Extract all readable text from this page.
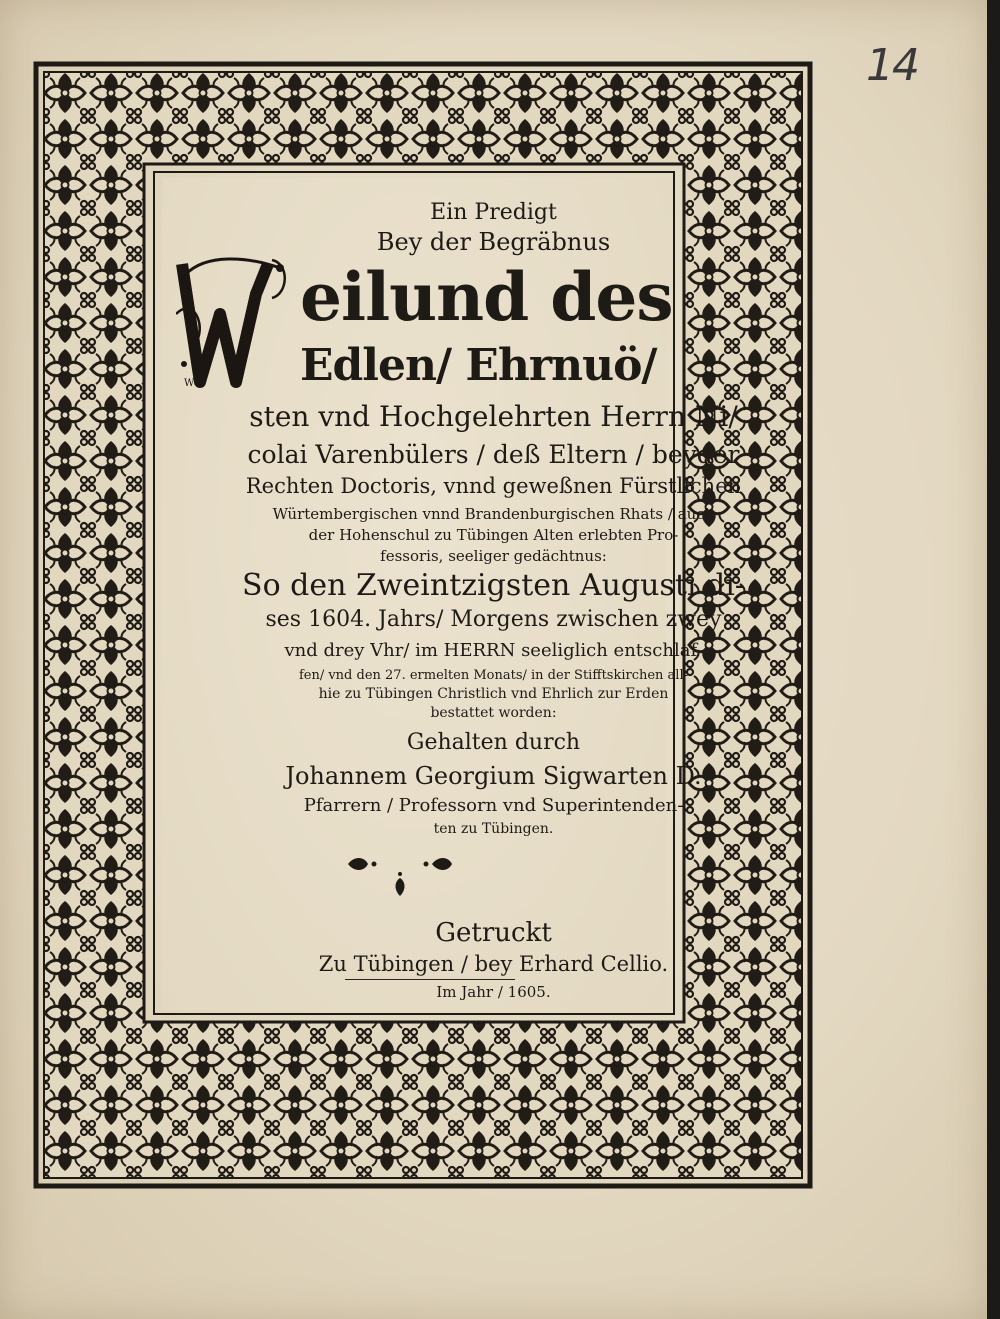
Ein Predigt
Bey der Begräbnus
W
eilund des
Edlen/ Ehrnuö/
sten vnd Hochgelehrten Herrn Ni/
colai Varenbülers / deß Eltern / beyder
Rechten Doctoris, vnnd geweßnen Fürstlichen
Würtembergischen vnnd Brandenburgischen Rhats / auch
der Hohenschul zu Tübingen Alten erlebten Pro-
fessoris, seeliger gedächtnus:
So den Zweintzigsten Augusti di-
ses 1604. Jahrs/ Morgens zwischen zwey
vnd drey Vhr/ im HERRN seeliglich entschlaf-
fen/ vnd den 27. ermelten Monats/ in der Stifftskirchen all-
hie zu Tübingen Christlich vnd Ehrlich zur Erden
bestattet worden:
Gehalten durch
Johannem Georgium Sigwarten D.
Pfarrern / Professorn vnd Superintenden-
ten zu Tübingen.
Getruckt
Zu Tübingen / bey Erhard Cellio.
Im Jahr / 1605.
